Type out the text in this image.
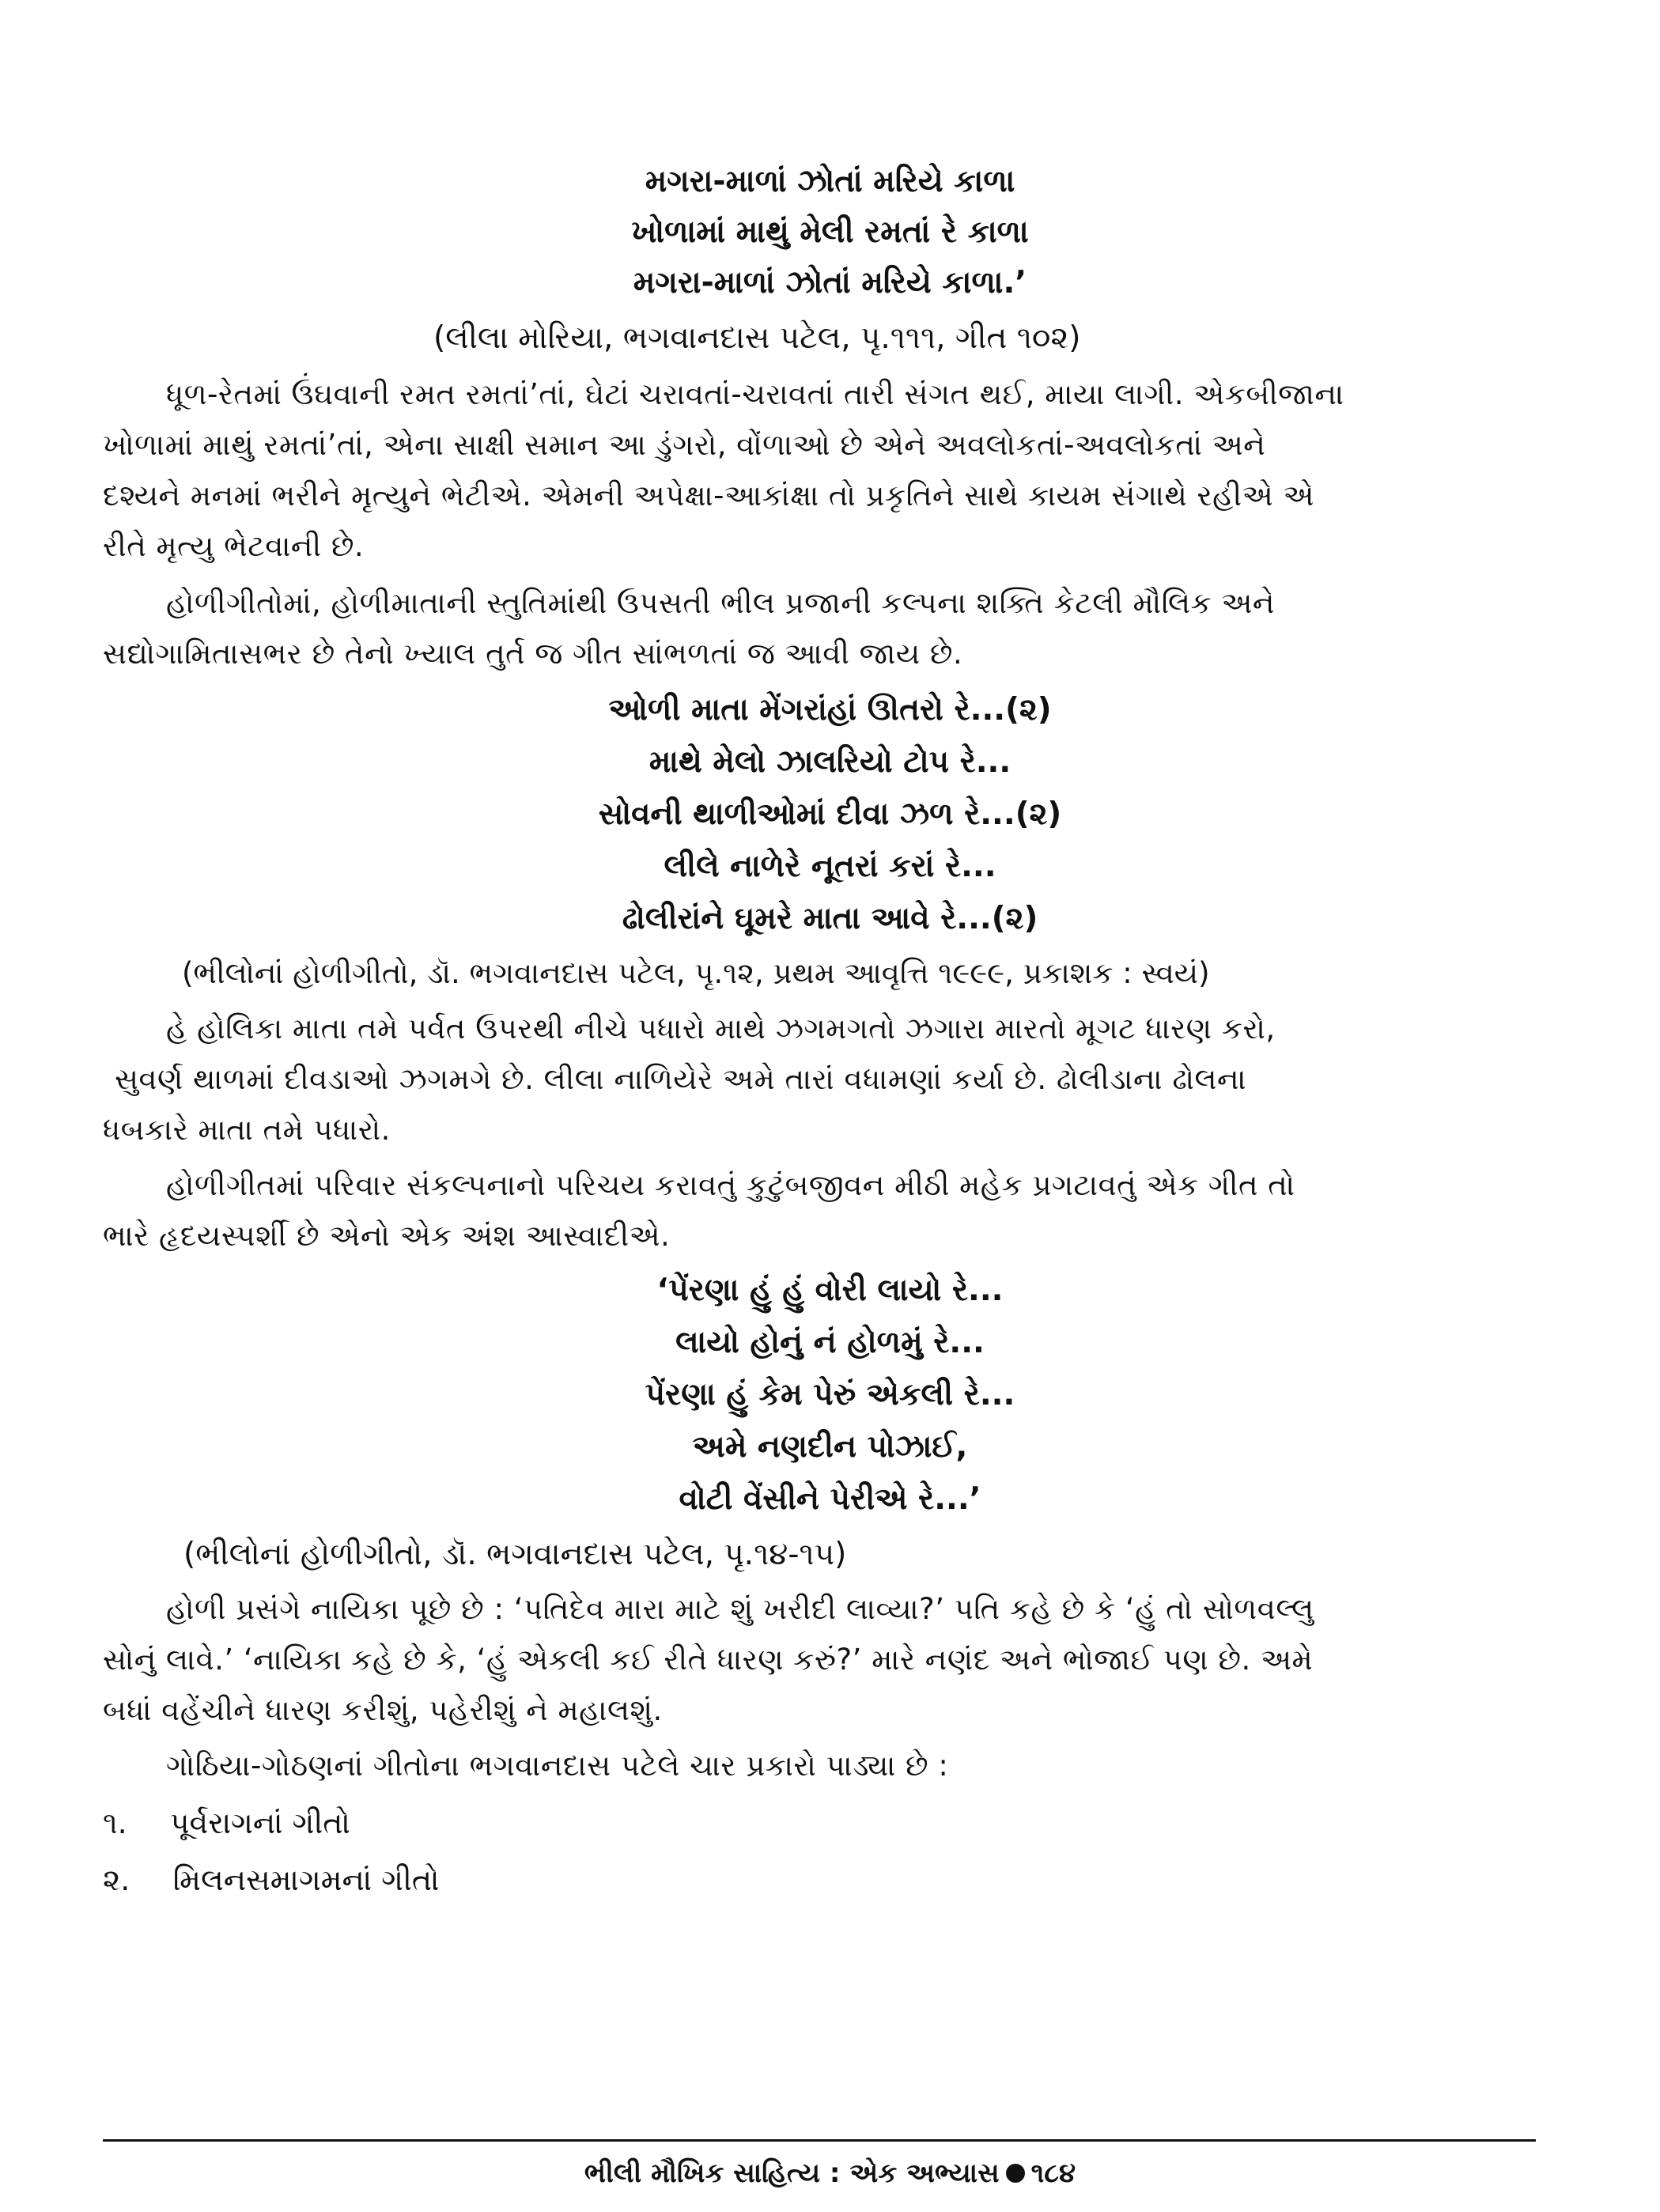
મગરા-માળાં ઝોતાં મરિયે કાળા
ખોળામાં માથું મેલી રમતાં રે કાળા
મગરા-માળાં ઝોતાં મરિયે કાળા.’
(લીલા મોરિયા, ભગવાનદાસ પટેલ, પૃ.૧૧૧, ગીત ૧૦૨)
ધૂળ-રેતમાં ઉંઘવાની રમત રમતાં’તાં, ઘેટાં ચરાવતાં-ચરાવતાં તારી સંગત થઈ, માયા લાગી. એકબીજાના
ખોળામાં માથું રમતાં’તાં, એના સાક્ષી સમાન આ ડુંગરો, વોંળાઓ છે એને અવલોકતાં-અવલોકતાં અને
દશ્યને મનમાં ભરીને મૃત્યુને ભેટીએ. એમની અપેક્ષા-આકાંક્ષા તો પ્રકૃતિને સાથે કાયમ સંગાથે રહીએ એ
રીતે મૃત્યુ ભેટવાની છે.
હોળીગીતોમાં, હોળીમાતાની સ્તુતિમાંથી ઉપસતી ભીલ પ્રજાની કલ્પના શક્તિ કેટલી મૌલિક અને
સદ્યોગામિતાસભર છે તેનો ખ્યાલ તુર્ત જ ગીત સાંભળતાં જ આવી જાય છે.
ઓળી માતા મેંગરાંહાં ઊતરો રે...(૨)
માથે મેલો ઝાલરિયો ટોપ રે...
સોવની થાળીઓમાં દીવા ઝળ રે...(૨)
લીલે નાળેરે નૂતરાં કરાં રે...
ઢોલીરાંને ઘૂમરે માતા આવે રે...(૨)
(ભીલોનાં હોળીગીતો, ડૉ. ભગવાનદાસ પટેલ, પૃ.૧૨, પ્રથમ આવૃત્તિ ૧૯૯૯, પ્રકાશક : સ્વયં)
હે હોલિકા માતા તમે પર્વત ઉપરથી નીચે પધારો માથે ઝગમગતો ઝગારા મારતો મૂગટ ધારણ કરો,
સુવર્ણ થાળમાં દીવડાઓ ઝગમગે છે. લીલા નાળિયેરે અમે તારાં વધામણાં કર્યા છે. ઢોલીડાના ઢોલના
ધબકારે માતા તમે પધારો.
હોળીગીતમાં પરિવાર સંકલ્પનાનો પરિચય કરાવતું કુટુંબજીવન મીઠી મહેક પ્રગટાવતું એક ગીત તો
ભારે હૃદયસ્પર્શી છે એનો એક અંશ આસ્વાદીએ.
‘પેંરણા હું હું વોરી લાયો રે...
લાયો હોનું નં હોળમું રે...
પેંરણા હું કેમ પેરું એકલી રે...
અમે નણદીન પોઝાઈ,
વોટી વેંસીને પેરીએ રે...’
(ભીલોનાં હોળીગીતો, ડૉ. ભગવાનદાસ પટેલ, પૃ.૧૪-૧૫)
હોળી પ્રસંગે નાયિકા પૂછે છે : ‘પતિદેવ મારા માટે શું ખરીદી લાવ્યા?’ પતિ કહે છે કે ‘હું તો સોળવલ્લુ
સોનું લાવે.’ ‘નાયિકા કહે છે કે, ‘હું એકલી કઈ રીતે ધારણ કરું?’ મારે નણંદ અને ભોજાઈ પણ છે. અમે
બધાં વહેંચીને ધારણ કરીશું, પહેરીશું ને મહાલશું.
ગોઠિયા-ગોઠણનાં ગીતોના ભગવાનદાસ પટેલે ચાર પ્રકારો પાડ્યા છે :
૧. પૂર્વરાગનાં ગીતો
૨. મિલનસમાગમનાં ગીતો
ભીલી મૌખિક સાહિત્ય : એક અભ્યાસ ૧૮૪
